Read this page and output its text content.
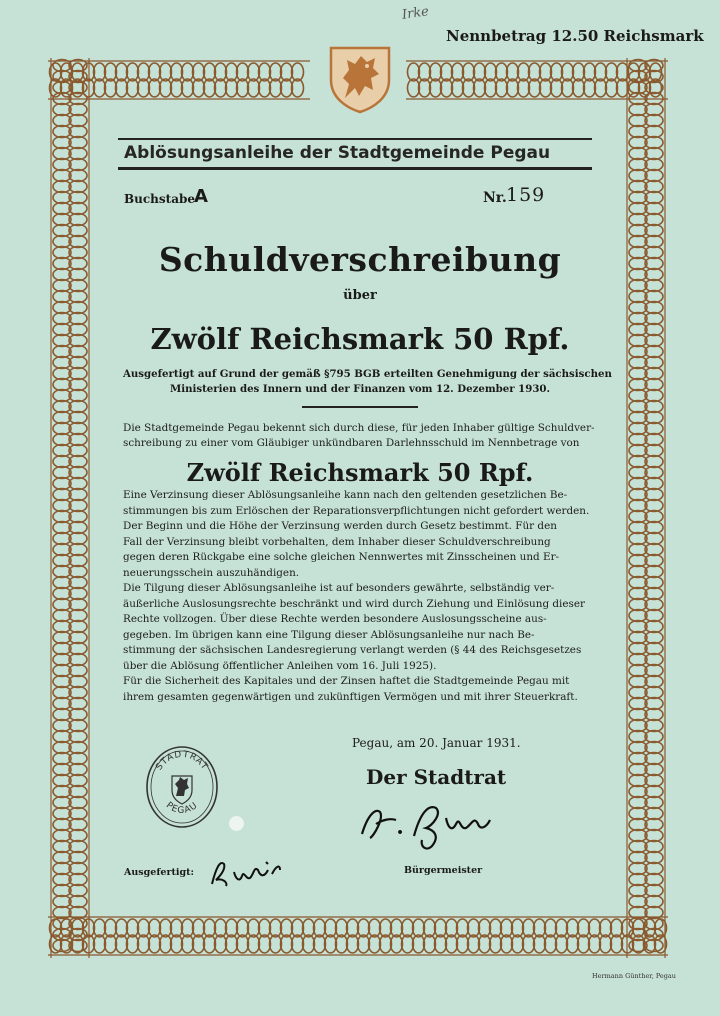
Irke
Nennbetrag 12.50 Reichsmark
Ablösungsanleihe der Stadtgemeinde Pegau
Buchstabe A	Nr. 159
Schuldverschreibung
über
Zwölf Reichsmark 50 Rpf.
Ausgefertigt auf Grund der gemäß §795 BGB erteilten Genehmigung der sächsischen
Ministerien des Innern und der Finanzen vom 12. Dezember 1930.
Die Stadtgemeinde Pegau bekennt sich durch diese, für jeden Inhaber gültige Schuldver-
schreibung zu einer vom Gläubiger unkündbaren Darlehnsschuld im Nennbetrage von
Zwölf Reichsmark 50 Rpf.
Eine Verzinsung dieser Ablösungsanleihe kann nach den geltenden gesetzlichen Be-
stimmungen bis zum Erlöschen der Reparationsverpflichtungen nicht gefordert werden.
Der Beginn und die Höhe der Verzinsung werden durch Gesetz bestimmt. Für den
Fall der Verzinsung bleibt vorbehalten, dem Inhaber dieser Schuldverschreibung
gegen deren Rückgabe eine solche gleichen Nennwertes mit Zinsscheinen und Er-
neuerungsschein auszuhändigen.
Die Tilgung dieser Ablösungsanleihe ist auf besonders gewährte, selbständig ver-
äußerliche Auslosungsrechte beschränkt und wird durch Ziehung und Einlösung dieser
Rechte vollzogen. Über diese Rechte werden besondere Auslosungsscheine aus-
gegeben. Im übrigen kann eine Tilgung dieser Ablösungsanleihe nur nach Be-
stimmung der sächsischen Landesregierung verlangt werden (§ 44 des Reichsgesetzes
über die Ablösung öffentlicher Anleihen vom 16. Juli 1925).
Für die Sicherheit des Kapitales und der Zinsen haftet die Stadtgemeinde Pegau mit
ihrem gesamten gegenwärtigen und zukünftigen Vermögen und mit ihrer Steuerkraft.
Pegau, am 20. Januar 1931.
Der Stadtrat
STADTRAT
PEGAU
Ausgefertigt:	Bürgermeister
Hermann Günther, Pegau
